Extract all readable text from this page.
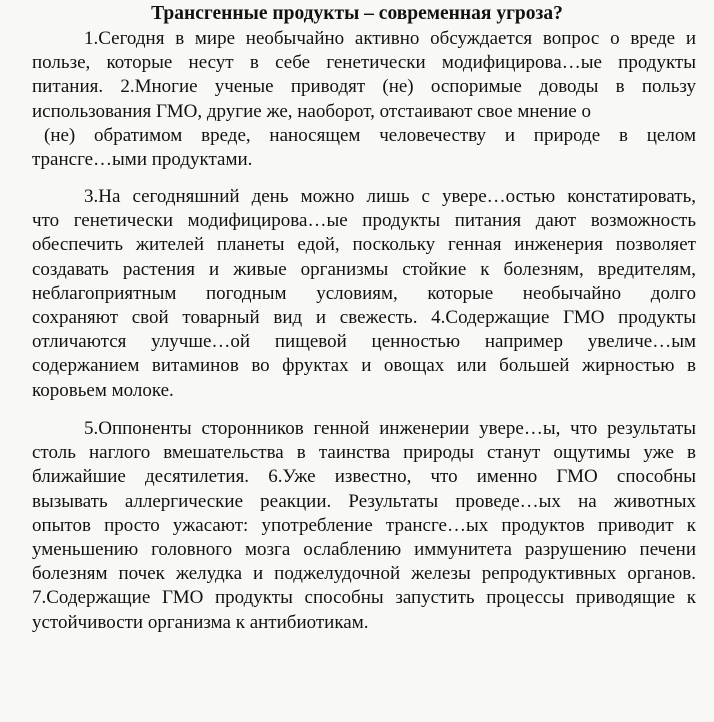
Трансгенные продукты – современная угроза?
1.Сегодня в мире необычайно активно обсуждается вопрос о вреде и
пользе, которые несут в себе генетически модифицирова…ые продукты
питания. 2.Многие ученые приводят (не) оспоримые доводы в пользу
использования ГМО, другие же, наоборот, отстаивают свое мнение о
(не) обратимом вреде, наносящем человечеству и природе в целом
трансге…ыми продуктами.
3.На сегодняшний день можно лишь с увере…остью констатировать,
что генетически модифицирова…ые продукты питания дают возможность
обеспечить жителей планеты едой, поскольку генная инженерия позволяет
создавать растения и живые организмы стойкие к болезням, вредителям,
неблагоприятным погодным условиям, которые необычайно долго
сохраняют свой товарный вид и свежесть. 4.Содержащие ГМО продукты
отличаются улучше…ой пищевой ценностью например увеличе…ым
содержанием витаминов во фруктах и овощах или большей жирностью в
коровьем молоке.
5.Оппоненты сторонников генной инженерии увере…ы, что результаты
столь наглого вмешательства в таинства природы станут ощутимы уже в
ближайшие десятилетия. 6.Уже известно, что именно ГМО способны
вызывать аллергические реакции. Результаты проведе…ых на животных
опытов просто ужасают: употребление трансге…ых продуктов приводит к
уменьшению головного мозга ослаблению иммунитета разрушению печени
болезням почек желудка и поджелудочной железы репродуктивных органов.
7.Содержащие ГМО продукты способны запустить процессы приводящие к
устойчивости организма к антибиотикам.
